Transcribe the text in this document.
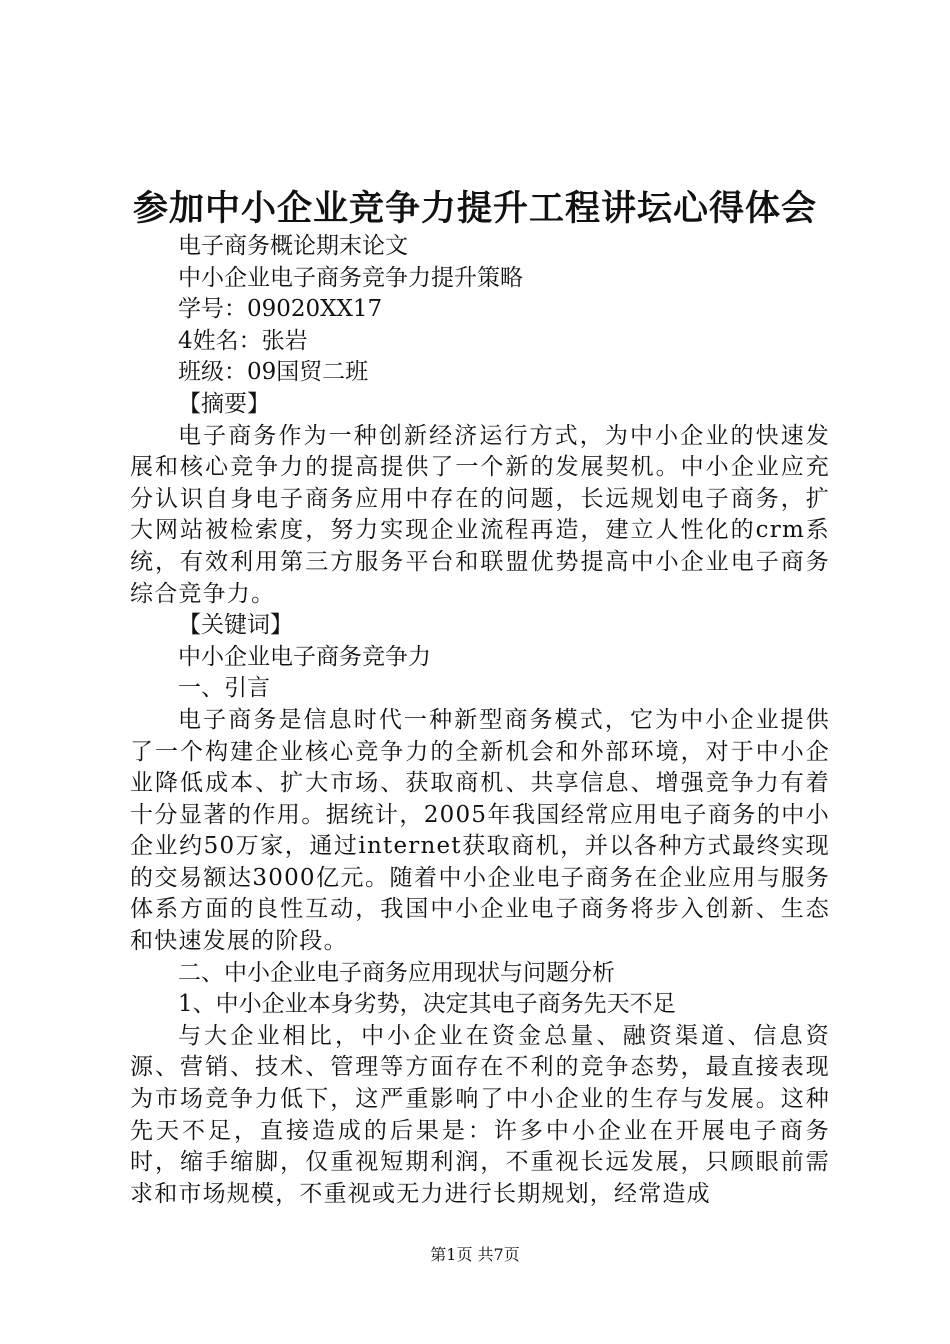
参加中小企业竞争力提升工程讲坛心得体会
电子商务概论期末论文
中小企业电子商务竞争力提升策略
学号：09020XX17
4姓名：张岩
班级：09国贸二班
【摘要】
电子商务作为一种创新经济运行方式，为中小企业的快速发展和核心竞争力的提高提供了一个新的发展契机。中小企业应充分认识自身电子商务应用中存在的问题，长远规划电子商务，扩大网站被检索度，努力实现企业流程再造，建立人性化的crm系统，有效利用第三方服务平台和联盟优势提高中小企业电子商务综合竞争力。
【关键词】
中小企业电子商务竞争力
一、引言
电子商务是信息时代一种新型商务模式，它为中小企业提供了一个构建企业核心竞争力的全新机会和外部环境，对于中小企业降低成本、扩大市场、获取商机、共享信息、增强竞争力有着十分显著的作用。据统计，2005年我国经常应用电子商务的中小企业约50万家，通过internet获取商机，并以各种方式最终实现的交易额达3000亿元。随着中小企业电子商务在企业应用与服务体系方面的良性互动，我国中小企业电子商务将步入创新、生态和快速发展的阶段。
二、中小企业电子商务应用现状与问题分析
1、中小企业本身劣势，决定其电子商务先天不足
与大企业相比，中小企业在资金总量、融资渠道、信息资源、营销、技术、管理等方面存在不利的竞争态势，最直接表现为市场竞争力低下，这严重影响了中小企业的生存与发展。这种先天不足，直接造成的后果是：许多中小企业在开展电子商务时，缩手缩脚，仅重视短期利润，不重视长远发展，只顾眼前需求和市场规模，不重视或无力进行长期规划，经常造成
第1页 共7页
